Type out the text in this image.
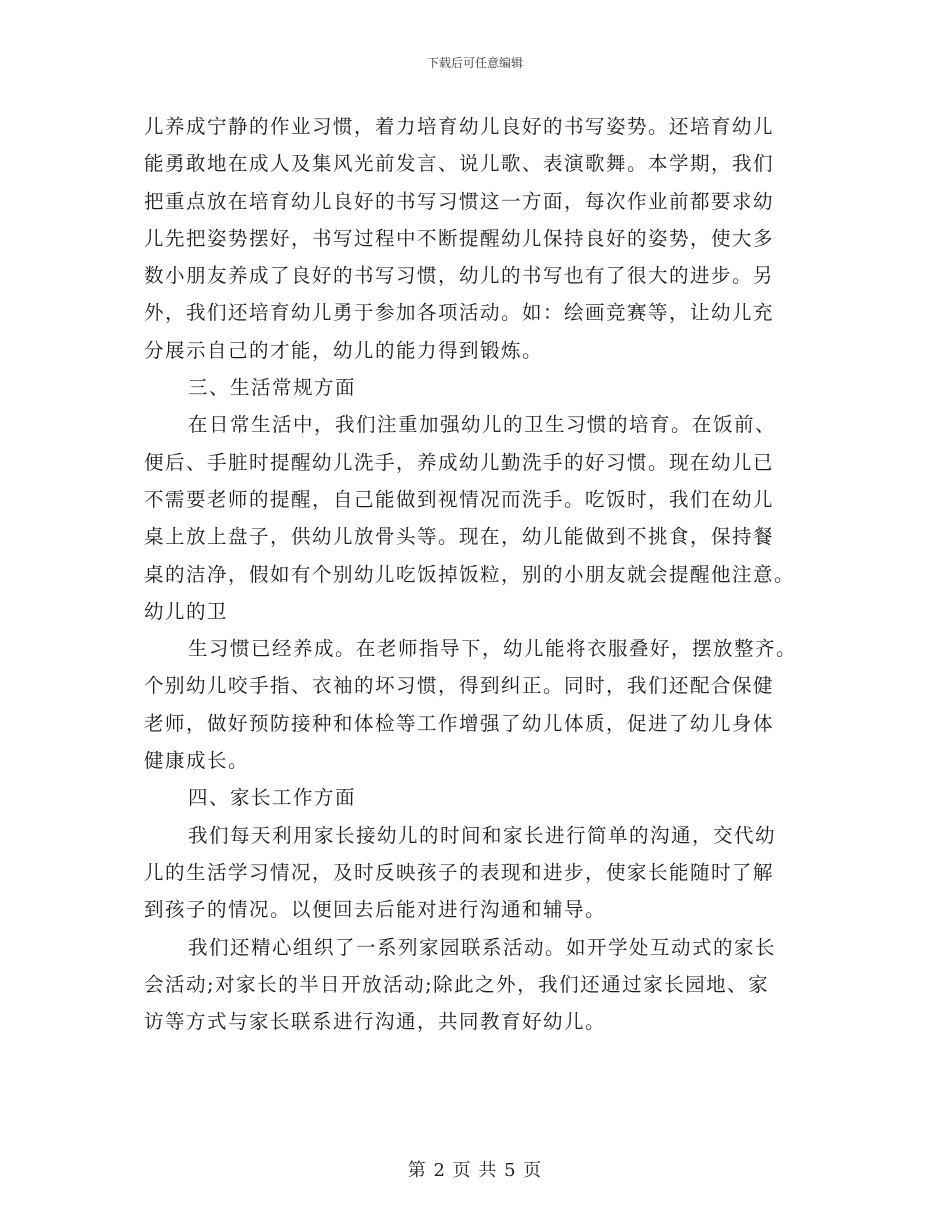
下载后可任意编辑
儿养成宁静的作业习惯，着力培育幼儿良好的书写姿势。还培育幼儿
能勇敢地在成人及集风光前发言、说儿歌、表演歌舞。本学期，我们
把重点放在培育幼儿良好的书写习惯这一方面，每次作业前都要求幼
儿先把姿势摆好，书写过程中不断提醒幼儿保持良好的姿势，使大多
数小朋友养成了良好的书写习惯，幼儿的书写也有了很大的进步。另
外，我们还培育幼儿勇于参加各项活动。如：绘画竞赛等，让幼儿充
分展示自己的才能，幼儿的能力得到锻炼。
三、生活常规方面
在日常生活中，我们注重加强幼儿的卫生习惯的培育。在饭前、
便后、手脏时提醒幼儿洗手，养成幼儿勤洗手的好习惯。现在幼儿已
不需要老师的提醒，自己能做到视情况而洗手。吃饭时，我们在幼儿
桌上放上盘子，供幼儿放骨头等。现在，幼儿能做到不挑食，保持餐
桌的洁净，假如有个别幼儿吃饭掉饭粒，别的小朋友就会提醒他注意。
幼儿的卫
生习惯已经养成。在老师指导下，幼儿能将衣服叠好，摆放整齐。
个别幼儿咬手指、衣袖的坏习惯，得到纠正。同时，我们还配合保健
老师，做好预防接种和体检等工作增强了幼儿体质，促进了幼儿身体
健康成长。
四、家长工作方面
我们每天利用家长接幼儿的时间和家长进行简单的沟通，交代幼
儿的生活学习情况，及时反映孩子的表现和进步，使家长能随时了解
到孩子的情况。以便回去后能对进行沟通和辅导。
我们还精心组织了一系列家园联系活动。如开学处互动式的家长
会活动;对家长的半日开放活动;除此之外，我们还通过家长园地、家
访等方式与家长联系进行沟通，共同教育好幼儿。
第 2 页 共 5 页
